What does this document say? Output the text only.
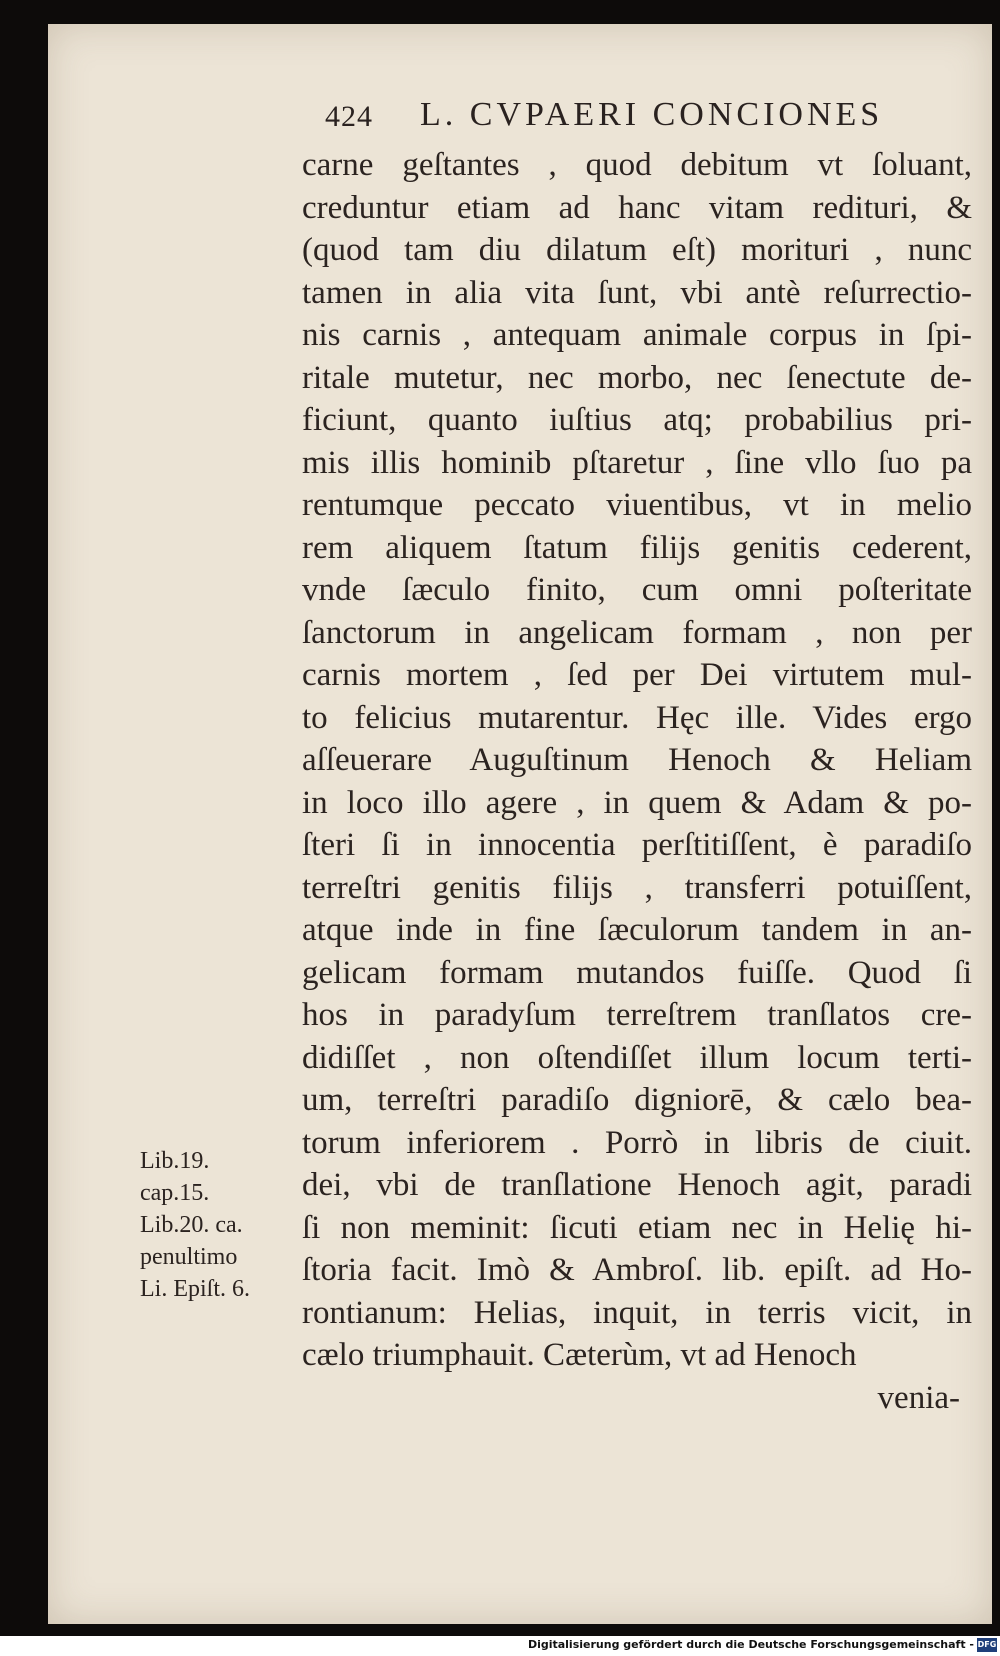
424 L. CVPAERI CONCIONES
carne geſtantes , quod debitum vt ſoluant,
creduntur etiam ad hanc vitam redituri, &
(quod tam diu dilatum eſt) morituri , nunc
tamen in alia vita ſunt, vbi antè reſurrectio-
nis carnis , antequam animale corpus in ſpi-
ritale mutetur, nec morbo, nec ſenectute de-
ficiunt, quanto iuſtius atq; probabilius pri-
mis illis hominib pſtaretur , ſine vllo ſuo pa
rentumque peccato viuentibus, vt in melio
rem aliquem ſtatum filijs genitis cederent,
vnde ſæculo finito, cum omni poſteritate
ſanctorum in angelicam formam , non per
carnis mortem , ſed per Dei virtutem mul-
to felicius mutarentur. Hęc ille. Vides ergo
aſſeuerare Auguſtinum Henoch & Heliam
in loco illo agere , in quem & Adam & po-
ſteri ſi in innocentia perſtitiſſent, è paradiſo
terreſtri genitis filijs , transferri potuiſſent,
atque inde in fine ſæculorum tandem in an-
gelicam formam mutandos fuiſſe. Quod ſi
hos in paradyſum terreſtrem tranſlatos cre-
didiſſet , non oſtendiſſet illum locum terti-
um, terreſtri paradiſo digniorē, & cælo bea-
torum inferiorem . Porrò in libris de ciuit.
dei, vbi de tranſlatione Henoch agit, paradi
ſi non meminit: ſicuti etiam nec in Helię hi-
ſtoria facit. Imò & Ambroſ. lib. epiſt. ad Ho-
rontianum: Helias, inquit, in terris vicit, in
cælo triumphauit. Cæterùm, vt ad Henoch
venia-
Lib.19.
cap.15.
Lib.20. ca.
penultimo
Li. Epiſt. 6.
Digitalisierung gefördert durch die Deutsche Forschungsgemeinschaft - DFG
